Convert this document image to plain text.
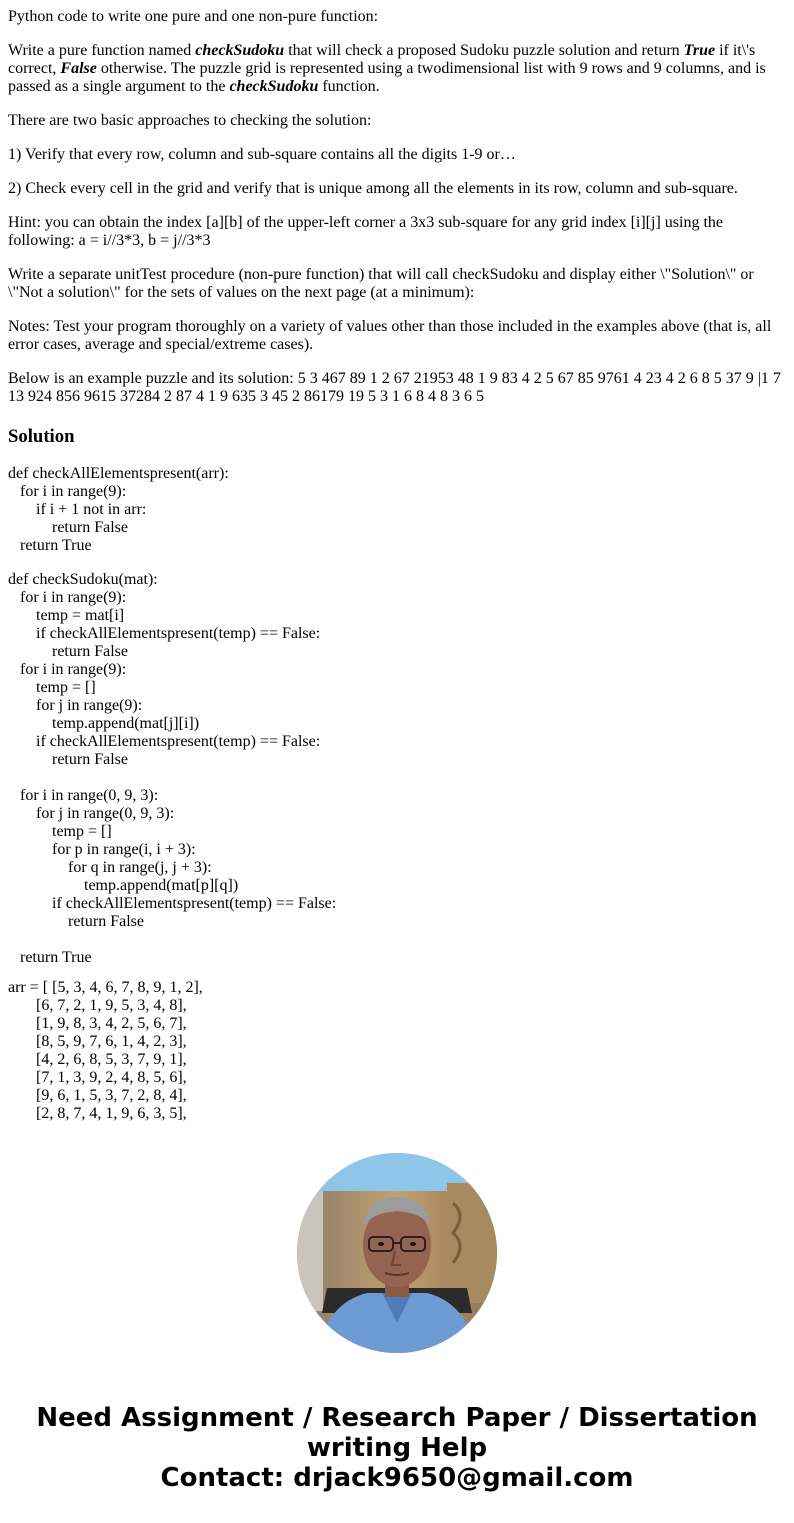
Python code to write one pure and one non-pure function:

Write a pure function named checkSudoku that will check a proposed Sudoku puzzle solution and return True if it\'s correct, False otherwise. The puzzle grid is represented using a twodimensional list with 9 rows and 9 columns, and is passed as a single argument to the checkSudoku function.

There are two basic approaches to checking the solution:

1) Verify that every row, column and sub-square contains all the digits 1-9 or…

2) Check every cell in the grid and verify that is unique among all the elements in its row, column and sub-square.

Hint: you can obtain the index [a][b] of the upper-left corner a 3x3 sub-square for any grid index [i][j] using the following: a = i//3*3, b = j//3*3

Write a separate unitTest procedure (non-pure function) that will call checkSudoku and display either \"Solution\" or \"Not a solution\" for the sets of values on the next page (at a minimum):

Notes: Test your program thoroughly on a variety of values other than those included in the examples above (that is, all error cases, average and special/extreme cases).

Below is an example puzzle and its solution: 5 3 467 89 1 2 67 21953 48 1 9 83 4 2 5 67 85 9761 4 23 4 2 6 8 5 37 9 |1 7 13 924 856 9615 37284 2 87 4 1 9 635 3 45 2 86179 19 5 3 1 6 8 4 8 3 6 5

Solution
def checkAllElementspresent(arr):
for i in range(9):
if i + 1 not in arr:
return False
return True
def checkSudoku(mat):
for i in range(9):
temp = mat[i]
if checkAllElementspresent(temp) == False:
return False
for i in range(9):
temp = []
for j in range(9):
temp.append(mat[j][i])
if checkAllElementspresent(temp) == False:
return False
for i in range(0, 9, 3):
for j in range(0, 9, 3):
temp = []
for p in range(i, i + 3):
for q in range(j, j + 3):
temp.append(mat[p][q])
if checkAllElementspresent(temp) == False:
return False
return True
arr = [ [5, 3, 4, 6, 7, 8, 9, 1, 2],
[6, 7, 2, 1, 9, 5, 3, 4, 8],
[1, 9, 8, 3, 4, 2, 5, 6, 7],
[8, 5, 9, 7, 6, 1, 4, 2, 3],
[4, 2, 6, 8, 5, 3, 7, 9, 1],
[7, 1, 3, 9, 2, 4, 8, 5, 6],
[9, 6, 1, 5, 3, 7, 2, 8, 4],
[2, 8, 7, 4, 1, 9, 6, 3, 5],
Need Assignment / Research Paper / Dissertation
writing Help
Contact: drjack9650@gmail.com
